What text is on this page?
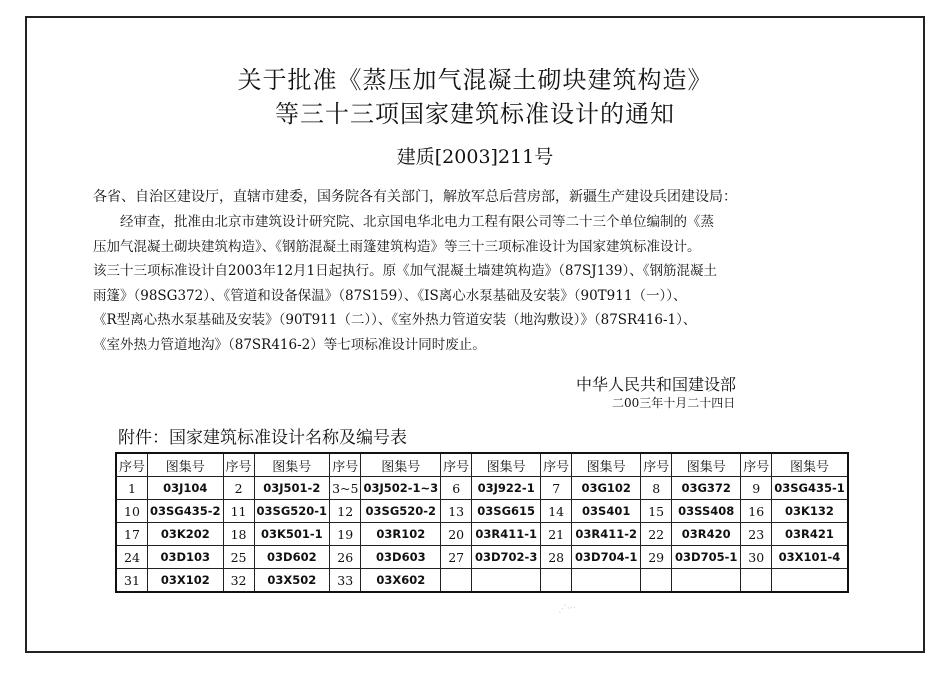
关于批准《蒸压加气混凝土砌块建筑构造》
等三十三项国家建筑标准设计的通知
建质[2003]211号
各省、自治区建设厅，直辖市建委，国务院各有关部门，解放军总后营房部，新疆生产建设兵团建设局：
　　经审查，批准由北京市建筑设计研究院、北京国电华北电力工程有限公司等二十三个单位编制的《蒸
压加气混凝土砌块建筑构造》、《钢筋混凝土雨篷建筑构造》等三十三项标准设计为国家建筑标准设计。
该三十三项标准设计自2003年12月1日起执行。原《加气混凝土墙建筑构造》（87SJ139）、《钢筋混凝土
雨篷》（98SG372）、《管道和设备保温》（87S159）、《IS离心水泵基础及安装》（90T911（一））、
《R型离心热水泵基础及安装》（90T911（二））、《室外热力管道安装（地沟敷设）》（87SR416-1）、
《室外热力管道地沟》（87SR416-2）等七项标准设计同时废止。
中华人民共和国建设部
二00三年十月二十四日
附件：国家建筑标准设计名称及编号表
序号	图集号	序号	图集号	序号	图集号	序号	图集号	序号	图集号	序号	图集号	序号	图集号
1	03J104	2	03J501-2	3~5	03J502-1~3	6	03J922-1	7	03G102	8	03G372	9	03SG435-1
10	03SG435-2	11	03SG520-1	12	03SG520-2	13	03SG615	14	03S401	15	03SS408	16	03K132
17	03K202	18	03K501-1	19	03R102	20	03R411-1	21	03R411-2	22	03R420	23	03R421
24	03D103	25	03D602	26	03D603	27	03D702-3	28	03D704-1	29	03D705-1	30	03X101-4
31	03X102	32	03X502	33	03X602								
⋰⋯
